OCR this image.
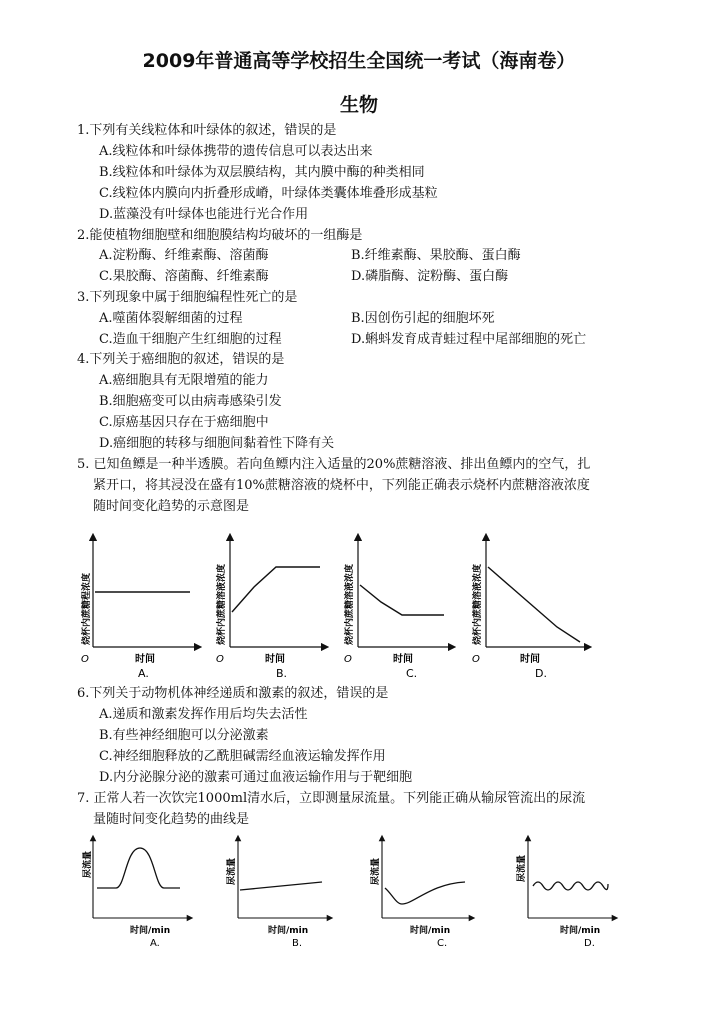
2009年普通高等学校招生全国统一考试（海南卷）
生物
1.下列有关线粒体和叶绿体的叙述，错误的是
A.线粒体和叶绿体携带的遗传信息可以表达出来
B.线粒体和叶绿体为双层膜结构，其内膜中酶的种类相同
C.线粒体内膜向内折叠形成嵴，叶绿体类囊体堆叠形成基粒
D.蓝藻没有叶绿体也能进行光合作用
2.能使植物细胞壁和细胞膜结构均破坏的一组酶是
A.淀粉酶、纤维素酶、溶菌酶	B.纤维素酶、果胶酶、蛋白酶
C.果胶酶、溶菌酶、纤维素酶	D.磷脂酶、淀粉酶、蛋白酶
3.下列现象中属于细胞编程性死亡的是
A.噬菌体裂解细菌的过程	B.因创伤引起的细胞坏死
C.造血干细胞产生红细胞的过程	D.蝌蚪发育成青蛙过程中尾部细胞的死亡
4.下列关于癌细胞的叙述，错误的是
A.癌细胞具有无限增殖的能力
B.细胞癌变可以由病毒感染引发
C.原癌基因只存在于癌细胞中
D.癌细胞的转移与细胞间黏着性下降有关
5. 已知鱼鳔是一种半透膜。若向鱼鳔内注入适量的20%蔗糖溶液、排出鱼鳔内的空气，扎
紧开口，将其浸没在盛有10%蔗糖溶液的烧杯中，下列能正确表示烧杯内蔗糖溶液浓度
随时间变化趋势的示意图是
烧杯内蔗糖程浓度
时间
O
A.
烧杯内蔗糖溶液浓度
时间
O
B.
烧杯内蔗糖溶液浓度
时间
O
C.
烧杯内蔗糖溶液浓度
时间
O
D.
6.下列关于动物机体神经递质和激素的叙述，错误的是
A.递质和激素发挥作用后均失去活性
B.有些神经细胞可以分泌激素
C.神经细胞释放的乙酰胆碱需经血液运输发挥作用
D.内分泌腺分泌的激素可通过血液运输作用与于靶细胞
7. 正常人若一次饮完1000ml清水后，立即测量尿流量。下列能正确从输尿管流出的尿流
量随时间变化趋势的曲线是
尿流量
时间/min
A.
尿流量
时间/min
B.
尿流量
时间/min
C.
尿流量
时间/min
D.
